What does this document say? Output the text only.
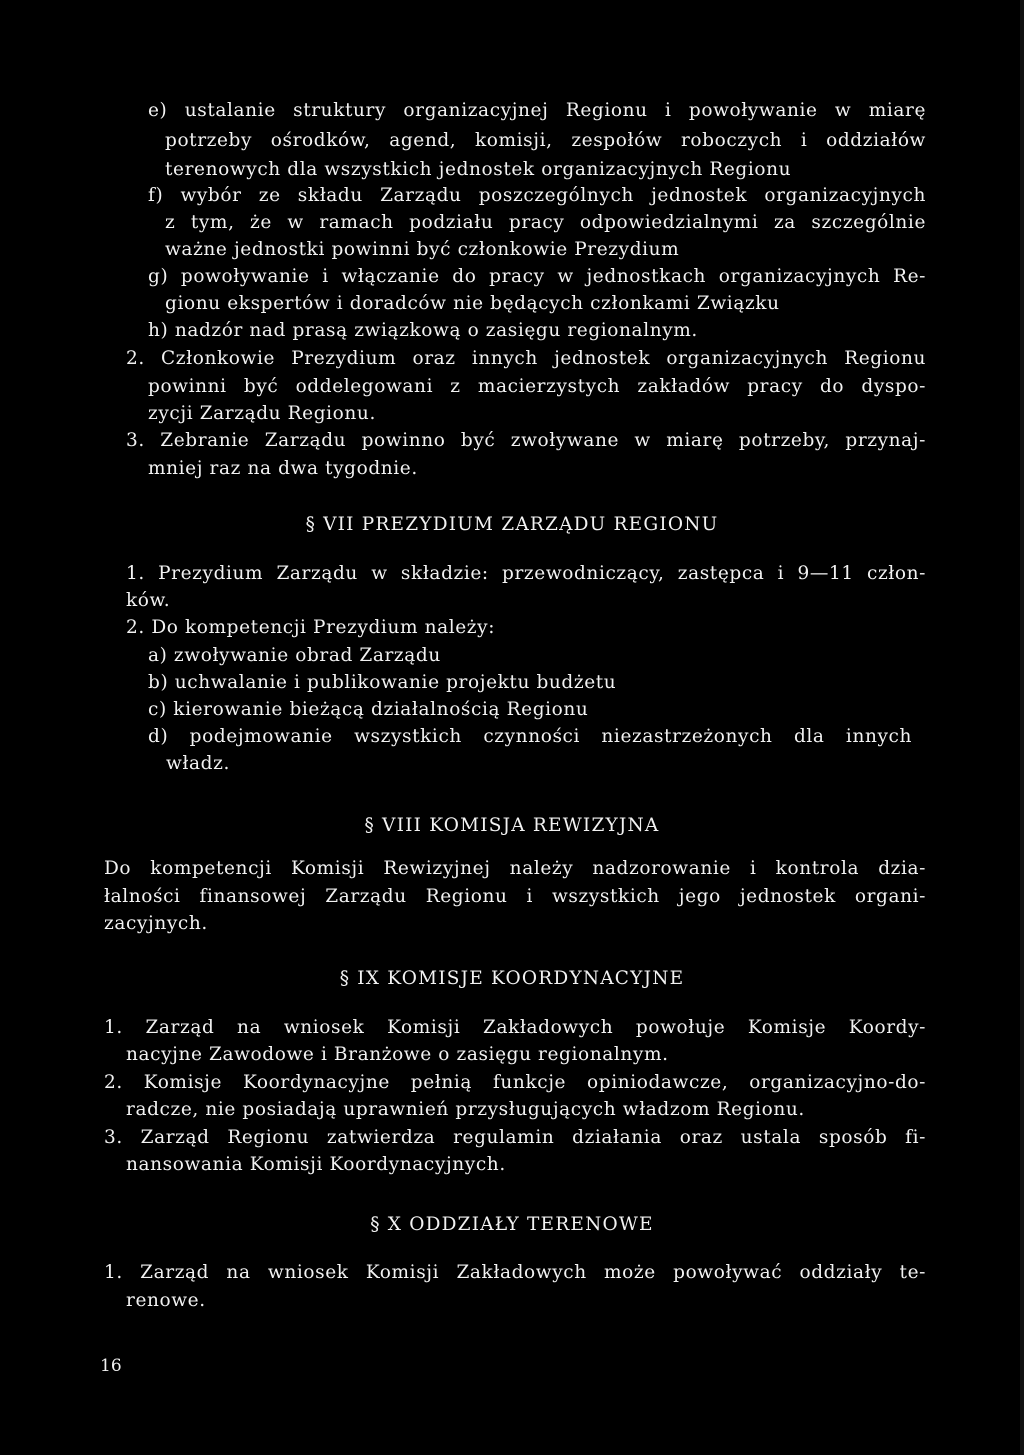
e) ustalanie struktury organizacyjnej Regionu i powoływanie w miarę
potrzeby ośrodków, agend, komisji, zespołów roboczych i oddziałów
terenowych dla wszystkich jednostek organizacyjnych Regionu
f) wybór ze składu Zarządu poszczególnych jednostek organizacyjnych
z tym, że w ramach podziału pracy odpowiedzialnymi za szczególnie
ważne jednostki powinni być członkowie Prezydium
g) powoływanie i włączanie do pracy w jednostkach organizacyjnych Re-
gionu ekspertów i doradców nie będących członkami Związku
h) nadzór nad prasą związkową o zasięgu regionalnym.
2. Członkowie Prezydium oraz innych jednostek organizacyjnych Regionu
powinni być oddelegowani z macierzystych zakładów pracy do dyspo-
zycji Zarządu Regionu.
3. Zebranie Zarządu powinno być zwoływane w miarę potrzeby, przynaj-
mniej raz na dwa tygodnie.
§ VII PREZYDIUM ZARZĄDU REGIONU
1. Prezydium Zarządu w składzie: przewodniczący, zastępca i 9—11 człon-
ków.
2. Do kompetencji Prezydium należy:
a) zwoływanie obrad Zarządu
b) uchwalanie i publikowanie projektu budżetu
c) kierowanie bieżącą działalnością Regionu
d) podejmowanie wszystkich czynności niezastrzeżonych dla innych
władz.
§ VIII KOMISJA REWIZYJNA
Do kompetencji Komisji Rewizyjnej należy nadzorowanie i kontrola dzia-
łalności finansowej Zarządu Regionu i wszystkich jego jednostek organi-
zacyjnych.
§ IX KOMISJE KOORDYNACYJNE
1. Zarząd na wniosek Komisji Zakładowych powołuje Komisje Koordy-
nacyjne Zawodowe i Branżowe o zasięgu regionalnym.
2. Komisje Koordynacyjne pełnią funkcje opiniodawcze, organizacyjno-do-
radcze, nie posiadają uprawnień przysługujących władzom Regionu.
3. Zarząd Regionu zatwierdza regulamin działania oraz ustala sposób fi-
nansowania Komisji Koordynacyjnych.
§ X ODDZIAŁY TERENOWE
1. Zarząd na wniosek Komisji Zakładowych może powoływać oddziały te-
renowe.
16
